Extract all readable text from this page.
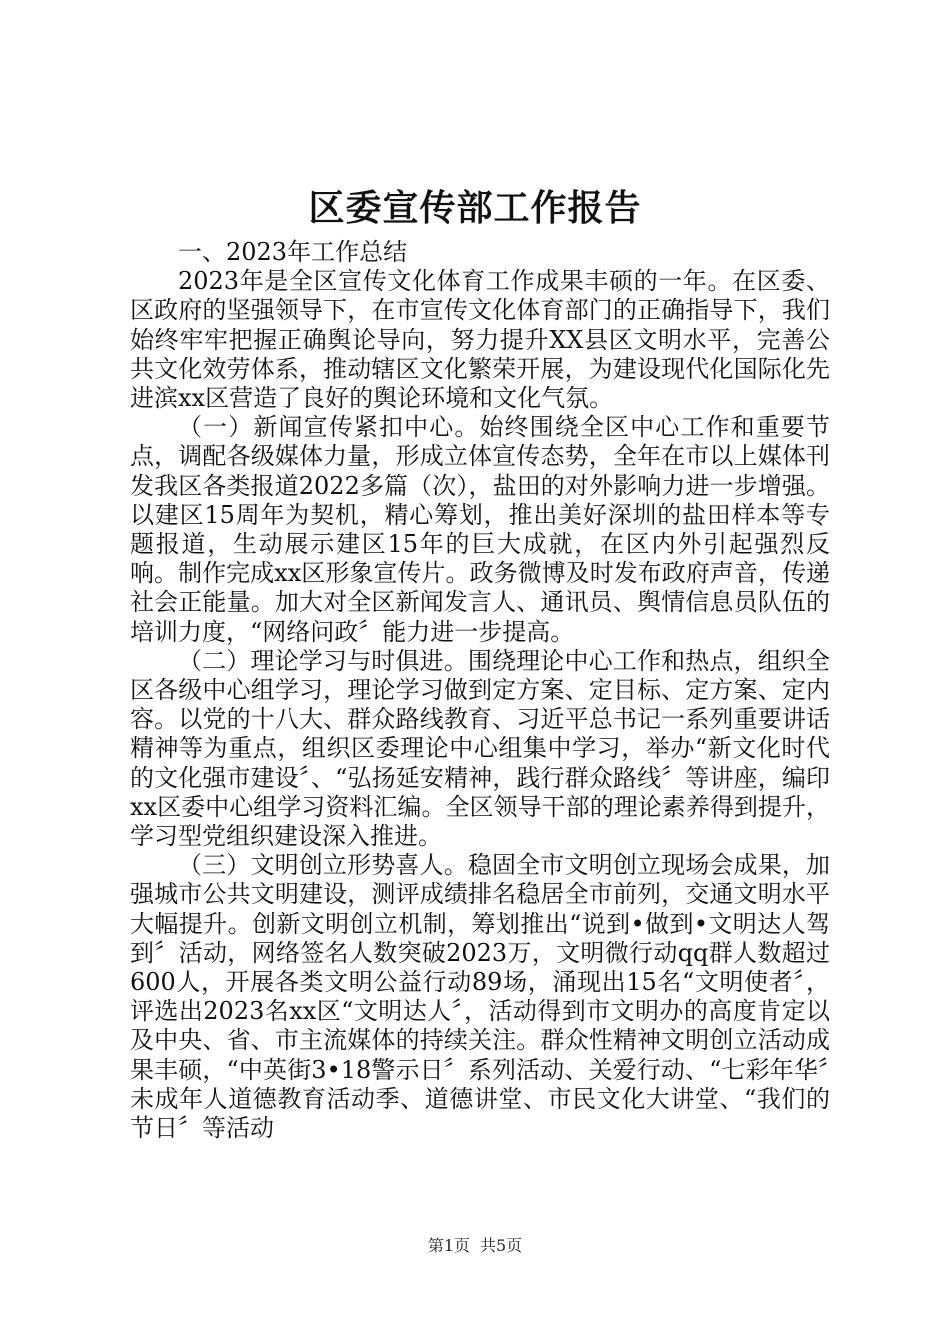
区委宣传部工作报告

一、2023年工作总结

2023年是全区宣传文化体育工作成果丰硕的一年。在区委、区政府的坚强领导下，在市宣传文化体育部门的正确指导下，我们始终牢牢把握正确舆论导向，努力提升XX县区文明水平，完善公共文化效劳体系，推动辖区文化繁荣开展，为建设现代化国际化先进滨xx区营造了良好的舆论环境和文化气氛。

（一）新闻宣传紧扣中心。始终围绕全区中心工作和重要节点，调配各级媒体力量，形成立体宣传态势，全年在市以上媒体刊发我区各类报道2022多篇（次），盐田的对外影响力进一步增强。以建区15周年为契机，精心筹划，推出美好深圳的盐田样本等专题报道，生动展示建区15年的巨大成就，在区内外引起强烈反响。制作完成xx区形象宣传片。政务微博及时发布政府声音，传递社会正能量。加大对全区新闻发言人、通讯员、舆情信息员队伍的培训力度，“网络问政〞能力进一步提高。

（二）理论学习与时俱进。围绕理论中心工作和热点，组织全区各级中心组学习，理论学习做到定方案、定目标、定方案、定内容。以党的十八大、群众路线教育、习近平总书记一系列重要讲话精神等为重点，组织区委理论中心组集中学习，举办“新文化时代的文化强市建设〞、“弘扬延安精神，践行群众路线〞等讲座，编印xx区委中心组学习资料汇编。全区领导干部的理论素养得到提升，学习型党组织建设深入推进。

（三）文明创立形势喜人。稳固全市文明创立现场会成果，加强城市公共文明建设，测评成绩排名稳居全市前列，交通文明水平大幅提升。创新文明创立机制，筹划推出“说到•做到•文明达人驾到〞活动，网络签名人数突破2023万，文明微行动qq群人数超过600人，开展各类文明公益行动89场，涌现出15名“文明使者〞，评选出2023名xx区“文明达人〞，活动得到市文明办的高度肯定以及中央、省、市主流媒体的持续关注。群众性精神文明创立活动成果丰硕，“中英街3•18警示日〞系列活动、关爱行动、“七彩年华〞未成年人道德教育活动季、道德讲堂、市民文化大讲堂、“我们的节日〞等活动

第1页 共5页
